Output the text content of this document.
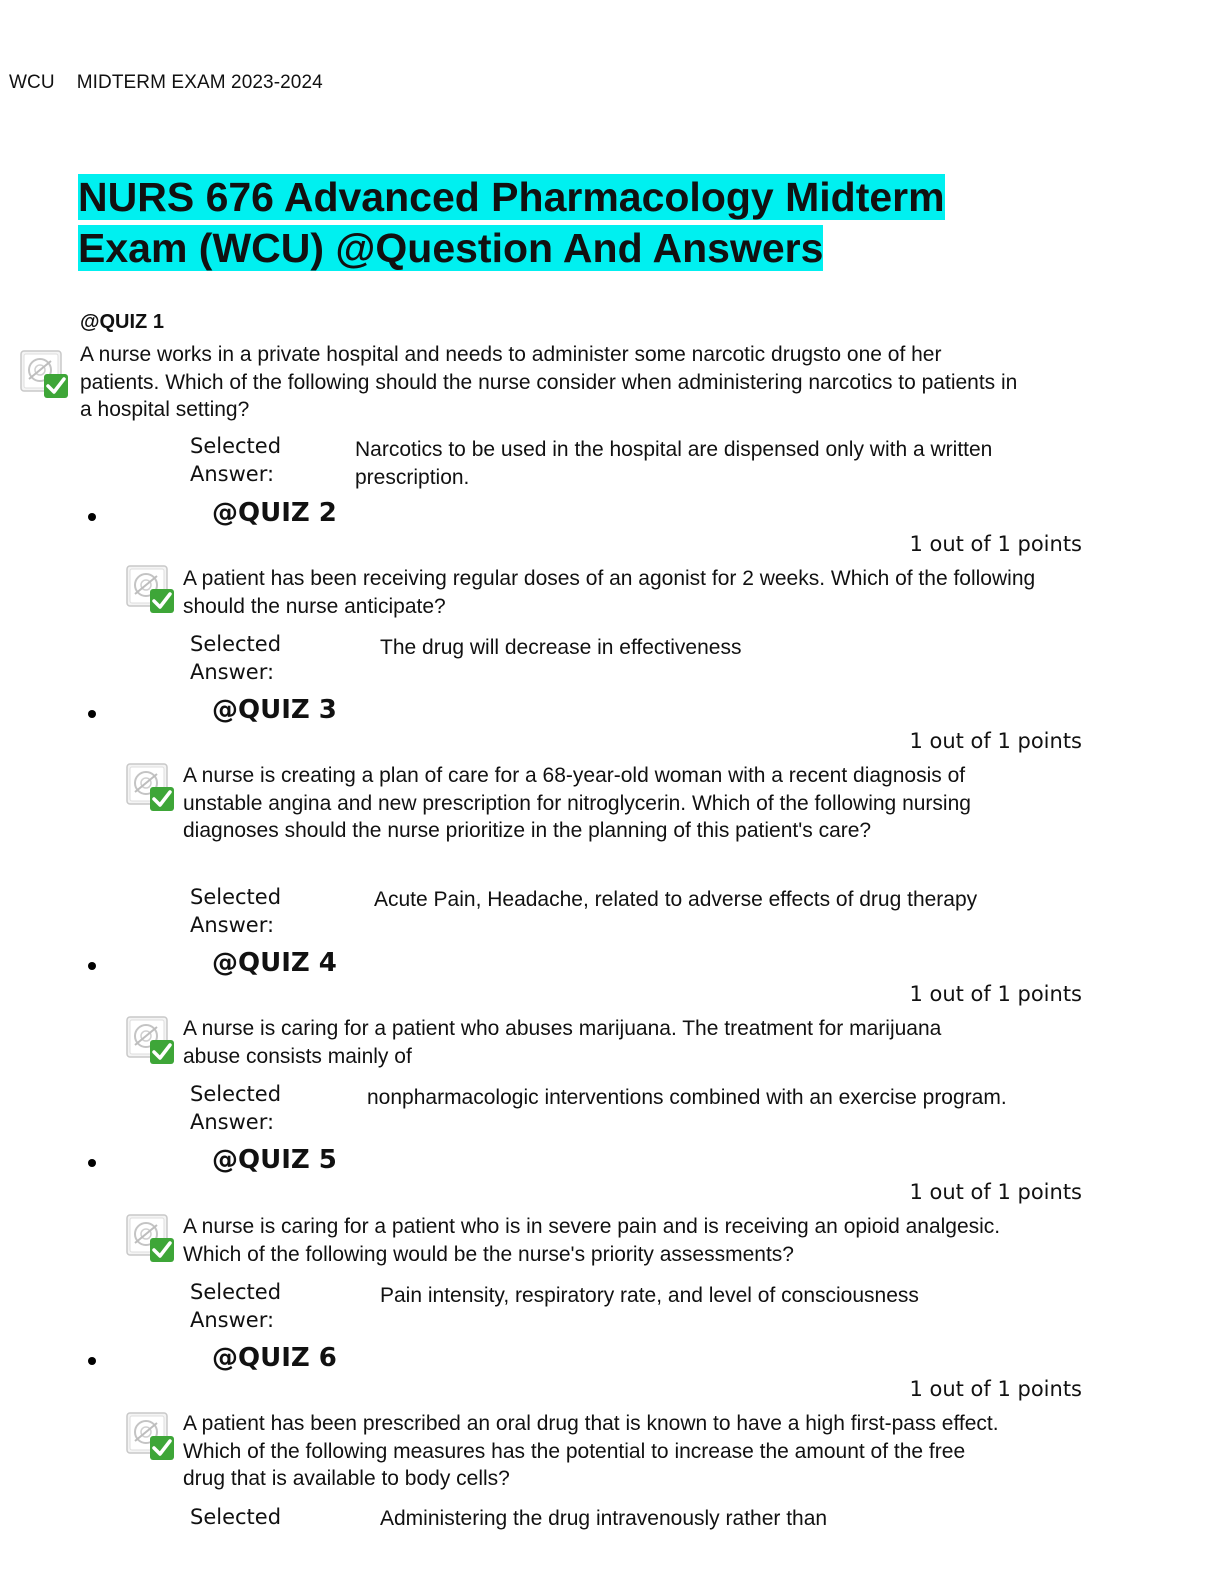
WCU MIDTERM EXAM 2023-2024
NURS 676 Advanced Pharmacology Midterm Exam (WCU) @Question And Answers
@QUIZ 1
A nurse works in a private hospital and needs to administer some narcotic drugsto one of her patients. Which of the following should the nurse consider when administering narcotics to patients in a hospital setting?
Selected
Answer:
Narcotics to be used in the hospital are dispensed only with a written prescription.
@QUIZ 2
1 out of 1 points
A patient has been receiving regular doses of an agonist for 2 weeks. Which of the following should the nurse anticipate?
Selected
Answer:
The drug will decrease in effectiveness
@QUIZ 3
1 out of 1 points
A nurse is creating a plan of care for a 68-year-old woman with a recent diagnosis of unstable angina and new prescription for nitroglycerin. Which of the following nursing diagnoses should the nurse prioritize in the planning of this patient's care?
Selected
Answer:
Acute Pain, Headache, related to adverse effects of drug therapy
@QUIZ 4
1 out of 1 points
A nurse is caring for a patient who abuses marijuana. The treatment for marijuana abuse consists mainly of
Selected
Answer:
nonpharmacologic interventions combined with an exercise program.
@QUIZ 5
1 out of 1 points
A nurse is caring for a patient who is in severe pain and is receiving an opioid analgesic. Which of the following would be the nurse's priority assessments?
Selected
Answer:
Pain intensity, respiratory rate, and level of consciousness
@QUIZ 6
1 out of 1 points
A patient has been prescribed an oral drug that is known to have a high first-pass effect. Which of the following measures has the potential to increase the amount of the free drug that is available to body cells?
Selected	Administering the drug intravenously rather than
